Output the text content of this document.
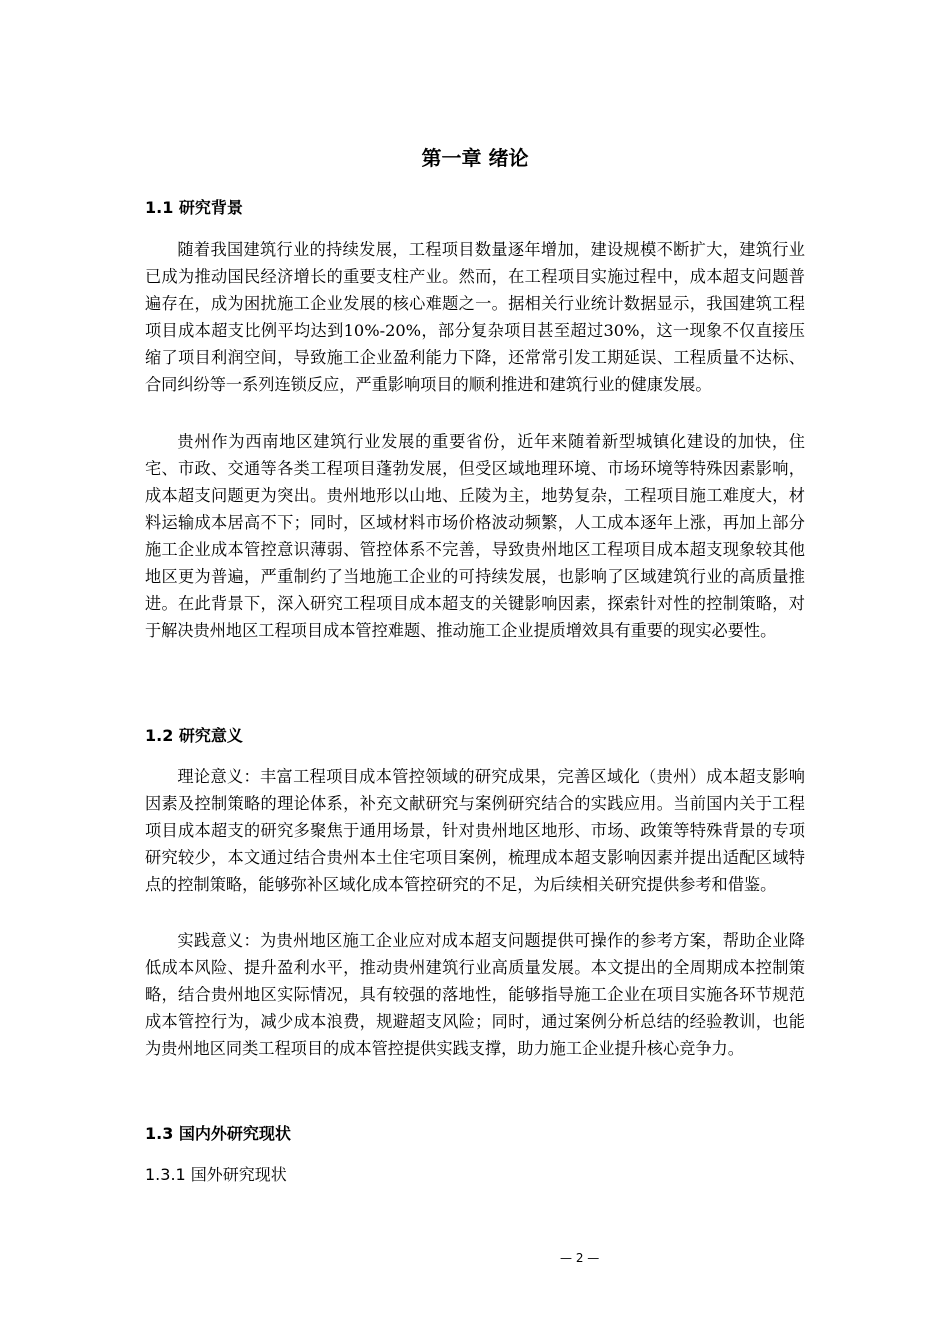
第一章 绪论
1.1 研究背景

随着我国建筑行业的持续发展，工程项目数量逐年增加，建设规模不断扩大，建筑行业已成为推动国民经济增长的重要支柱产业。然而，在工程项目实施过程中，成本超支问题普遍存在，成为困扰施工企业发展的核心难题之一。据相关行业统计数据显示，我国建筑工程项目成本超支比例平均达到10%-20%，部分复杂项目甚至超过30%，这一现象不仅直接压缩了项目利润空间，导致施工企业盈利能力下降，还常常引发工期延误、工程质量不达标、合同纠纷等一系列连锁反应，严重影响项目的顺利推进和建筑行业的健康发展。

贵州作为西南地区建筑行业发展的重要省份，近年来随着新型城镇化建设的加快，住宅、市政、交通等各类工程项目蓬勃发展，但受区域地理环境、市场环境等特殊因素影响，成本超支问题更为突出。贵州地形以山地、丘陵为主，地势复杂，工程项目施工难度大，材料运输成本居高不下；同时，区域材料市场价格波动频繁，人工成本逐年上涨，再加上部分施工企业成本管控意识薄弱、管控体系不完善，导致贵州地区工程项目成本超支现象较其他地区更为普遍，严重制约了当地施工企业的可持续发展，也影响了区域建筑行业的高质量推进。在此背景下，深入研究工程项目成本超支的关键影响因素，探索针对性的控制策略，对于解决贵州地区工程项目成本管控难题、推动施工企业提质增效具有重要的现实必要性。

1.2 研究意义

理论意义：丰富工程项目成本管控领域的研究成果，完善区域化（贵州）成本超支影响因素及控制策略的理论体系，补充文献研究与案例研究结合的实践应用。当前国内关于工程项目成本超支的研究多聚焦于通用场景，针对贵州地区地形、市场、政策等特殊背景的专项研究较少，本文通过结合贵州本土住宅项目案例，梳理成本超支影响因素并提出适配区域特点的控制策略，能够弥补区域化成本管控研究的不足，为后续相关研究提供参考和借鉴。

实践意义：为贵州地区施工企业应对成本超支问题提供可操作的参考方案，帮助企业降低成本风险、提升盈利水平，推动贵州建筑行业高质量发展。本文提出的全周期成本控制策略，结合贵州地区实际情况，具有较强的落地性，能够指导施工企业在项目实施各环节规范成本管控行为，减少成本浪费，规避超支风险；同时，通过案例分析总结的经验教训，也能为贵州地区同类工程项目的成本管控提供实践支撑，助力施工企业提升核心竞争力。

1.3 国内外研究现状
1.3.1 国外研究现状
— 2 —
